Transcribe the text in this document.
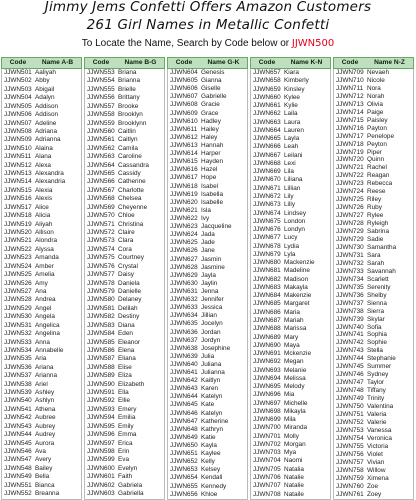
Jimmy Jems Confetti Offers Amazon Customers
261 Girl Names in Metallic Confetti
To Locate the Name, Search by Code below or JJWN500
Code	Name A-B
JJWN501 Aaliyah
JJWN502 Abby
JJWN503 Abigail
JJWN504 Adalyn
JJWN505 Addison
JJWN506 Addison
JJWN507 Adeline
JJWN508 Adriana
JJWN509 Adrianna
JJWN510 Alaina
JJWN511 Alana
JJWN512 Alexa
JJWN513 Alexandra
JJWN514 Alexandria
JJWN515 Alexia
JJWN516 Alexis
JJWN517 Alice
JJWN518 Alicia
JJWN519 Aliyah
JJWN520 Allison
JJWN521 Alondra
JJWN522 Alyssa
JJWN523 Amanda
JJWN524 Amber
JJWN525 Amelia
JJWN526 Amy
JJWN527 Ana
JJWN528 Andrea
JJWN529 Angel
JJWN530 Angela
JJWN531 Angelica
JJWN532 Angelina
JJWN533 Anna
JJWN534 Annabelle
JJWN535 Aria
JJWN536 Ariana
JJWN537 Arianna
JJWN538 Ariel
JJWN539 Ashley
JJWN540 Ashlyn
JJWN541 Athena
JJWN542 Aubree
JJWN543 Aubrey
JJWN544 Audrey
JJWN545 Aurora
JJWN546 Ava
JJWN547 Avery
JJWN548 Bailey
JJWN549 Bella
JJWN551 Bianca
JJWN552 Breanna
Code	Name B-G
JJWN553 Briana
JJWN554 Brianna
JJWN555 Brielle
JJWN556 Brittany
JJWN557 Brooke
JJWN558 Brooklyn
JJWN559 Brooklynn
JJWN560 Caitlin
JJWN561 Caitlyn
JJWN562 Camila
JJWN563 Caroline
JJWN564 Cassandra
JJWN565 Cassidy
JJWN566 Catherine
JJWN567 Charlotte
JJWN568 Chelsea
JJWN569 Cheyenne
JJWN570 Chloe
JJWN571 Christina
JJWN572 Claire
JJWN573 Clara
JJWN574 Cora
JJWN575 Courtney
JJWN576 Crystal
JJWN577 Daisy
JJWN578 Daniela
JJWN579 Danielle
JJWN580 Delaney
JJWN581 Delilah
JJWN582 Destiny
JJWN583 Diana
JJWN584 Eden
JJWN585 Eleanor
JJWN586 Elena
JJWN587 Eliana
JJWN588 Elise
JJWN589 Eliza
JJWN590 Elizabeth
JJWN591 Ella
JJWN592 Ellie
JJWN593 Emery
JJWN594 Emilia
JJWN595 Emily
JJWN596 Emma
JJWN597 Erica
JJWN598 Erin
JJWN599 Eva
JJWN600 Evelyn
JJWN601 Faith
JJWN602 Gabriela
JJWN603 Gabriella
Code	Name G-K
JJWN604 Genesis
JJWN605 Gianna
JJWN606 Giselle
JJWN607 Gabrielle
JJWN608 Gracie
JJWN609 Grace
JJWN610 Hadley
JJWN611 Hailey
JJWN612 Haley
JJWN613 Hannah
JJWN614 Harper
JJWN615 Hayden
JJWN616 Hazel
JJWN617 Hope
JJWN618 Isabel
JJWN619 Isabella
JJWN620 Isabelle
JJWN621 Isla
JJWN622 Ivy
JJWN623 Jacqueline
JJWN624 Jada
JJWN625 Jade
JJWN626 Jane
JJWN627 Jasmin
JJWN628 Jasmine
JJWN629 Jayla
JJWN630 Jaylin
JJWN631 Jenna
JJWN632 Jennifer
JJWN633 Jessica
JJWN634 Jillian
JJWN635 Jocelyn
JJWN636 Jordan
JJWN637 Jordyn
JJWN638 Josephine
JJWN639 Julia
JJWN640 Juliana
JJWN641 Julianna
JJWN642 Kaitlyn
JJWN643 Karen
JJWN644 Katelyn
JJWN645 Kate
JJWN646 Katelyn
JJWN647 Katherine
JJWN648 Kathryn
JJWN649 Katie
JJWN650 Kayla
JJWN651 Kaylee
JJWN652 Kelly
JJWN653 Kelsey
JJWN654 Kendall
JJWN655 Kennedy
JJWN656 Khloe
Code	Name K-N
JJWN657 Kiara
JJWN658 Kimberly
JJWN659 Kinsley
JJWN660 Kylee
JJWN661 Kylie
JJWN662 Laila
JJWN663 Laura
JJWN664 Lauren
JJWN665 Layla
JJWN666 Leah
JJWN667 Leilani
JJWN668 Lexi
JJWN669 Lila
JJWN670 Liliana
JJWN671 Lillian
JJWN672 Lily
JJWN673 Lilly
JJWN674 Lindsey
JJWN675 London
JJWN676 Londyn
JJWN677 Lucy
JJWN678 Lydia
JJWN679 Lyla
JJWN680 Mackenzie
JJWN681 Madeline
JJWN682 Madison
JJWN683 Makayla
JJWN684 Makenzie
JJWN685 Margaret
JJWN686 Maria
JJWN687 Mariah
JJWN688 Marissa
JJWN689 Mary
JJWN690 Maya
JJWN691 Mckenzie
JJWN692 Megan
JJWN693 Melanie
JJWN694 Melissa
JJWN695 Melody
JJWN696 Mia
JJWN697 Michelle
JJWN698 Mikayla
JJWN699 Mila
JJWN700 Miranda
JJWN701 Molly
JJWN702 Morgan
JJWN703 Mya
JJWN704 Naomi
JJWN705 Natalia
JJWN706 Natalie
JJWN707 Natalie
JJWN708 Nataile
Code	Name N-Z
JJWN709 Nevaeh
JJWN710 Nicole
JJWN711 Nora
JJWN712 Norah
JJWN713 Olivia
JJWN714 Paige
JJWN715 Paisley
JJWN716 Payton
JJWN717 Penelope
JJWN718 Peyton
JJWN719 Piper
JJWN720 Quinn
JJWN721 Rachel
JJWN722 Reagan
JJWN723 Rebecca
JJWN724 Reese
JJWN725 Riley
JJWN726 Ruby
JJWN727 Rylee
JJWN728 Ryleigh
JJWN729 Sabrina
JJWN729 Sadie
JJWN730 Samantha
JJWN731 Sara
JJWN732 Sarah
JJWN733 Savannah
JJWN734 Scarlett
JJWN735 Serenity
JJWN736 Shelby
JJWN737 Sienna
JJWN738 Sierra
JJWN739 Skylar
JJWN740 Sofia
JJWN741 Sophia
JJWN742 Sophie
JJWN743 Stella
JJWN744 Stephanie
JJWN745 Summer
JJWN746 Sydney
JJWN747 Taylor
JJWN748 Tiffany
JJWN749 Trinity
JJWN750 Valentina
JJWN751 Valeria
JJWN752 Valerie
JJWN753 Vanessa
JJWN754 Veronica
JJWN755 Victoria
JJWN756 Violet
JJWN757 Vivian
JJWN758 Willow
JJWN759 Ximena
JJWN760 Zoe
JJWN761 Zoey
